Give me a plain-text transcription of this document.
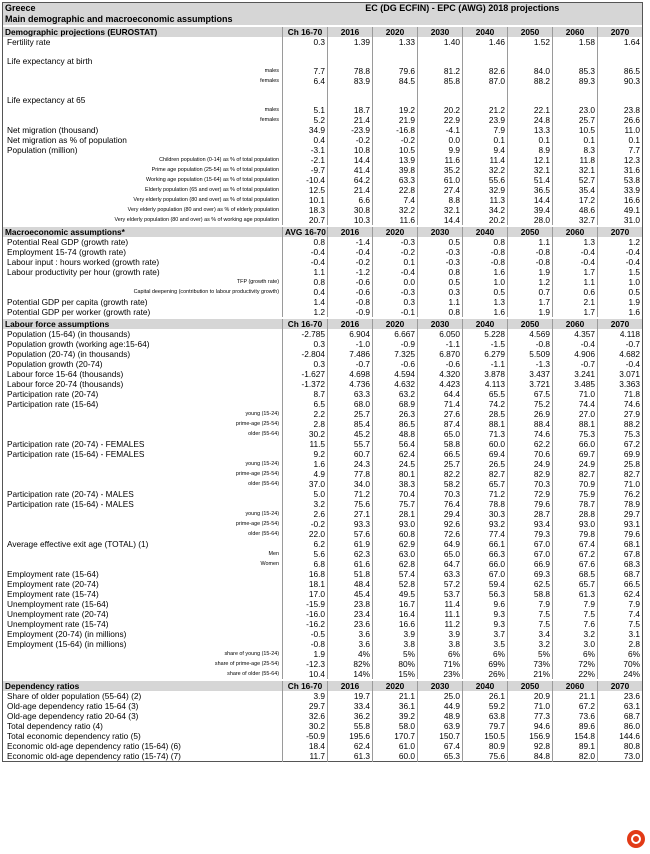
Greece	EC (DG ECFIN) - EPC (AWG) 2018 projections							
Main demographic and macroeconomic assumptions								

Demographic projections (EUROSTAT)	Ch 16-70	2016	2020	2030	2040	2050	2060	2070
Fertility rate	0.3	1.39	1.33	1.40	1.46	1.52	1.58	1.64
Life expectancy at birth								
males	7.7	78.8	79.6	81.2	82.6	84.0	85.3	86.5
females	6.4	83.9	84.5	85.8	87.0	88.2	89.3	90.3
Life expectancy at 65								
males	5.1	18.7	19.2	20.2	21.2	22.1	23.0	23.8
females	5.2	21.4	21.9	22.9	23.9	24.8	25.7	26.6
Net migration (thousand)	34.9	-23.9	-16.8	-4.1	7.9	13.3	10.5	11.0
Net migration as % of population	0.4	-0.2	-0.2	0.0	0.1	0.1	0.1	0.1
Population (million)	-3.1	10.8	10.5	9.9	9.4	8.9	8.3	7.7
Children population (0-14) as % of total population	-2.1	14.4	13.9	11.6	11.4	12.1	11.8	12.3
Prime age population (25-54) as % of total population	-9.7	41.4	39.8	35.2	32.2	32.1	32.1	31.6
Working age population (15-64) as % of total population	-10.4	64.2	63.3	61.0	55.6	51.4	52.7	53.8
Elderly population (65 and over) as % of total population	12.5	21.4	22.8	27.4	32.9	36.5	35.4	33.9
Very elderly population (80 and over) as % of total population	10.1	6.6	7.4	8.8	11.3	14.4	17.2	16.6
Very elderly population (80 and over) as % of elderly population	18.3	30.8	32.2	32.1	34.2	39.4	48.6	49.1
Very elderly population (80 and over) as % of working age population	20.7	10.3	11.6	14.4	20.2	28.0	32.7	31.0

Macroeconomic assumptions*	AVG 16-70	2016	2020	2030	2040	2050	2060	2070
Potential Real GDP (growth rate)	0.8	-1.4	-0.3	0.5	0.8	1.1	1.3	1.2
Employment 15-74 (growth rate)	-0.4	-0.4	-0.2	-0.3	-0.8	-0.8	-0.4	-0.4
Labour input : hours worked (growth rate)	-0.4	-0.2	0.1	-0.3	-0.8	-0.8	-0.4	-0.4
Labour productivity per hour (growth rate)	1.1	-1.2	-0.4	0.8	1.6	1.9	1.7	1.5
TFP (growth rate)	0.8	-0.6	0.0	0.5	1.0	1.2	1.1	1.0
Capital deepening (contribution to labour productivity growth)	0.4	-0.6	-0.3	0.3	0.5	0.7	0.6	0.5
Potential GDP per capita (growth rate)	1.4	-0.8	0.3	1.1	1.3	1.7	2.1	1.9
Potential GDP per worker (growth rate)	1.2	-0.9	-0.1	0.8	1.6	1.9	1.7	1.6

Labour force assumptions	Ch 16-70	2016	2020	2030	2040	2050	2060	2070
Population (15-64) (in thousands)	-2.785	6.904	6.667	6.050	5.228	4.569	4.357	4.118
Population growth (working age:15-64)	0.3	-1.0	-0.9	-1.1	-1.5	-0.8	-0.4	-0.7
Population (20-74) (in thousands)	-2.804	7.486	7.325	6.870	6.279	5.509	4.906	4.682
Population growth (20-74)	0.3	-0.7	-0.6	-0.6	-1.1	-1.3	-0.7	-0.4
Labour force 15-64 (thousands)	-1.627	4.698	4.594	4.320	3.878	3.437	3.241	3.071
Labour force 20-74 (thousands)	-1.372	4.736	4.632	4.423	4.113	3.721	3.485	3.363
Participation rate (20-74)	8.7	63.3	63.2	64.4	65.5	67.5	71.0	71.8
Participation rate (15-64)	6.5	68.0	68.9	71.4	74.2	75.2	74.4	74.6
young (15-24)	2.2	25.7	26.3	27.6	28.5	26.9	27.0	27.9
prime-age (25-54)	2.8	85.4	86.5	87.4	88.1	88.4	88.1	88.2
older (55-64)	30.2	45.2	48.8	65.0	71.3	74.6	75.3	75.3
Participation rate (20-74) - FEMALES	11.5	55.7	56.4	58.8	60.0	62.2	66.0	67.2
Participation rate (15-64) - FEMALES	9.2	60.7	62.4	66.5	69.4	70.6	69.7	69.9
young (15-24)	1.6	24.3	24.5	25.7	26.5	24.9	24.9	25.8
prime-age (25-54)	4.9	77.8	80.1	82.2	82.7	82.9	82.7	82.7
older (55-64)	37.0	34.0	38.3	58.2	65.7	70.3	70.9	71.0
Participation rate (20-74) - MALES	5.0	71.2	70.4	70.3	71.2	72.9	75.9	76.2
Participation rate (15-64) - MALES	3.2	75.6	75.7	76.4	78.8	79.6	78.7	78.9
young (15-24)	2.6	27.1	28.1	29.4	30.3	28.7	28.8	29.7
prime-age (25-54)	-0.2	93.3	93.0	92.6	93.2	93.4	93.0	93.1
older (55-64)	22.0	57.6	60.8	72.6	77.4	79.3	79.8	79.6
Average effective exit age (TOTAL) (1)	6.2	61.9	62.9	64.9	66.1	67.0	67.4	68.1
Men	5.6	62.3	63.0	65.0	66.3	67.0	67.2	67.8
Women	6.8	61.6	62.8	64.7	66.0	66.9	67.6	68.3
Employment rate (15-64)	16.8	51.8	57.4	63.3	67.0	69.3	68.5	68.7
Employment rate (20-74)	18.1	48.4	52.8	57.2	59.4	62.5	65.7	66.5
Employment rate (15-74)	17.0	45.4	49.5	53.7	56.3	58.8	61.3	62.4
Unemployment rate (15-64)	-15.9	23.8	16.7	11.4	9.6	7.9	7.9	7.9
Unemployment rate (20-74)	-16.0	23.4	16.4	11.1	9.3	7.5	7.5	7.4
Unemployment rate (15-74)	-16.2	23.6	16.6	11.2	9.3	7.5	7.6	7.5
Employment (20-74) (in millions)	-0.5	3.6	3.9	3.9	3.7	3.4	3.2	3.1
Employment (15-64) (in millions)	-0.8	3.6	3.8	3.8	3.5	3.2	3.0	2.8
share of young (15-24)	1.9	4%	5%	6%	6%	5%	6%	6%
share of prime-age (25-54)	-12.3	82%	80%	71%	69%	73%	72%	70%
share of older (55-64)	10.4	14%	15%	23%	26%	21%	22%	24%

Dependency ratios	Ch 16-70	2016	2020	2030	2040	2050	2060	2070
Share of older population (55-64) (2)	3.9	19.7	21.1	25.0	26.1	20.9	21.1	23.6
Old-age dependency ratio 15-64 (3)	29.7	33.4	36.1	44.9	59.2	71.0	67.2	63.1
Old-age dependency ratio 20-64 (3)	32.6	36.2	39.2	48.9	63.8	77.3	73.6	68.7
Total dependency ratio (4)	30.2	55.8	58.0	63.9	79.7	94.6	89.6	86.0
Total economic dependency ratio (5)	-50.9	195.6	170.7	150.7	150.5	156.9	154.8	144.6
Economic old-age dependency ratio (15-64) (6)	18.4	62.4	61.0	67.4	80.9	92.8	89.1	80.8
Economic old-age dependency ratio (15-74) (7)	11.7	61.3	60.0	65.3	75.6	84.8	82.0	73.0
